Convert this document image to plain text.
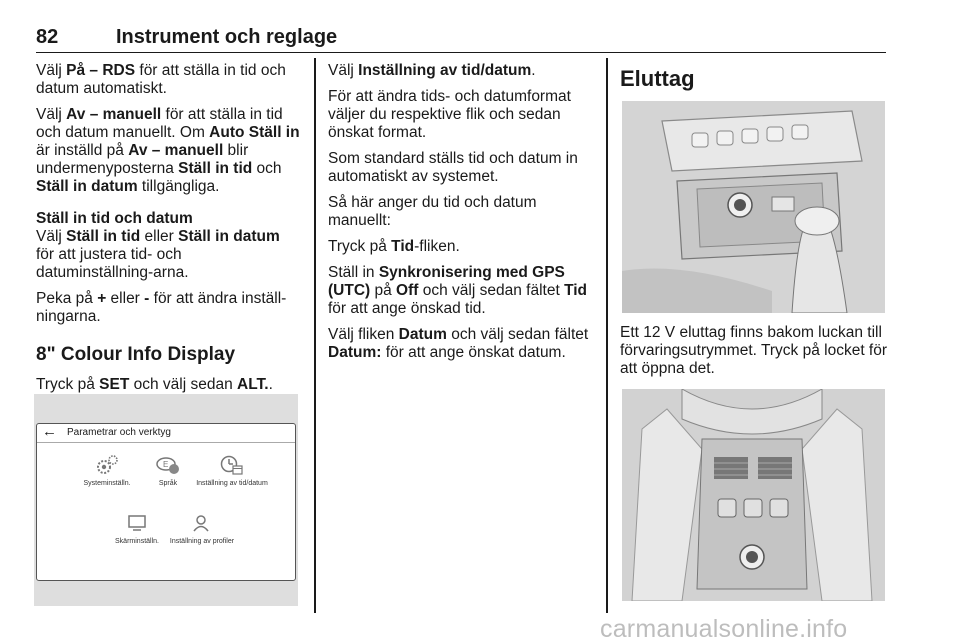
82	Instrument och reglage

Välj På – RDS för att ställa in tid och datum automatiskt.

Välj Av – manuell för att ställa in tid och datum manuellt. Om Auto Ställ in är inställd på Av – manuell blir undermenyposterna Ställ in tid och Ställ in datum tillgängliga.

Ställ in tid och datum

Välj Ställ in tid eller Ställ in datum för att justera tid- och datuminställning-arna.

Peka på + eller - för att ändra inställ-ningarna.

8" Colour Info Display

Tryck på SET och välj sedan ALT..

← Parametrar och verktyg
Systeminställn.
E
Språk	Inställning av tid/datum
Skärminställn.	Inställning av profiler

Välj Inställning av tid/datum.

För att ändra tids- och datumformat väljer du respektive flik och sedan önskat format.

Som standard ställs tid och datum in automatiskt av systemet.

Så här anger du tid och datum manuellt:

Tryck på Tid-fliken.

Ställ in Synkronisering med GPS (UTC) på Off och välj sedan fältet Tid för att ange önskad tid.

Välj fliken Datum och välj sedan fältet Datum: för att ange önskat datum.

Eluttag

Ett 12 V eluttag finns bakom luckan till förvaringsutrymmet. Tryck på locket för att öppna det.

carmanualsonline.info
